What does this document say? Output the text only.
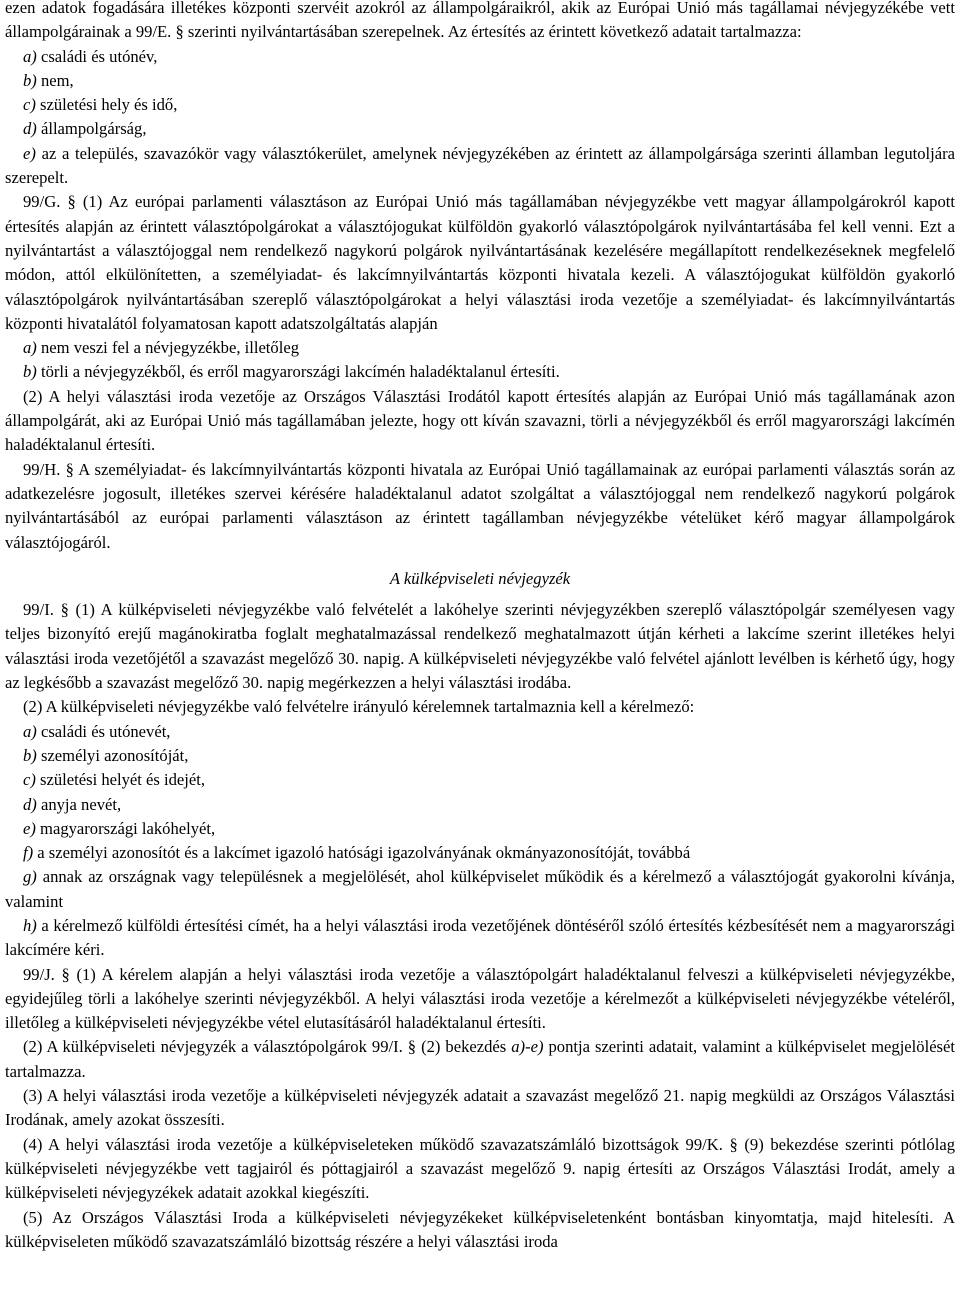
ezen adatok fogadására illetékes központi szervéit azokról az állampolgáraikról, akik az Európai Unió más tagállamai névjegyzékébe vett állampolgárainak a 99/E. § szerinti nyilvántartásában szerepelnek. Az értesítés az érintett következő adatait tartalmazza:

a) családi és utónév,

b) nem,

c) születési hely és idő,

d) állampolgárság,

e) az a település, szavazókör vagy választókerület, amelynek névjegyzékében az érintett az állampolgársága szerinti államban legutoljára szerepelt.

99/G. § (1) Az európai parlamenti választáson az Európai Unió más tagállamában névjegyzékbe vett magyar állampolgárokról kapott értesítés alapján az érintett választópolgárokat a választójogukat külföldön gyakorló választópolgárok nyilvántartásába fel kell venni. Ezt a nyilvántartást a választójoggal nem rendelkező nagykorú polgárok nyilvántartásának kezelésére megállapított rendelkezéseknek megfelelő módon, attól elkülönítetten, a személyiadat- és lakcímnyilvántartás központi hivatala kezeli. A választójogukat külföldön gyakorló választópolgárok nyilvántartásában szereplő választópolgárokat a helyi választási iroda vezetője a személyiadat- és lakcímnyilvántartás központi hivatalától folyamatosan kapott adatszolgáltatás alapján

a) nem veszi fel a névjegyzékbe, illetőleg

b) törli a névjegyzékből, és erről magyarországi lakcímén haladéktalanul értesíti.

(2) A helyi választási iroda vezetője az Országos Választási Irodától kapott értesítés alapján az Európai Unió más tagállamának azon állampolgárát, aki az Európai Unió más tagállamában jelezte, hogy ott kíván szavazni, törli a névjegyzékből és erről magyarországi lakcímén haladéktalanul értesíti.

99/H. § A személyiadat- és lakcímnyilvántartás központi hivatala az Európai Unió tagállamainak az európai parlamenti választás során az adatkezelésre jogosult, illetékes szervei kérésére haladéktalanul adatot szolgáltat a választójoggal nem rendelkező nagykorú polgárok nyilvántartásából az európai parlamenti választáson az érintett tagállamban névjegyzékbe vételüket kérő magyar állampolgárok választójogáról.

A külképviseleti névjegyzék

99/I. § (1) A külképviseleti névjegyzékbe való felvételét a lakóhelye szerinti névjegyzékben szereplő választópolgár személyesen vagy teljes bizonyító erejű magánokiratba foglalt meghatalmazással rendelkező meghatalmazott útján kérheti a lakcíme szerint illetékes helyi választási iroda vezetőjétől a szavazást megelőző 30. napig. A külképviseleti névjegyzékbe való felvétel ajánlott levélben is kérhető úgy, hogy az legkésőbb a szavazást megelőző 30. napig megérkezzen a helyi választási irodába.

(2) A külképviseleti névjegyzékbe való felvételre irányuló kérelemnek tartalmaznia kell a kérelmező:

a) családi és utónevét,

b) személyi azonosítóját,

c) születési helyét és idejét,

d) anyja nevét,

e) magyarországi lakóhelyét,

f) a személyi azonosítót és a lakcímet igazoló hatósági igazolványának okmányazonosítóját, továbbá

g) annak az országnak vagy településnek a megjelölését, ahol külképviselet működik és a kérelmező a választójogát gyakorolni kívánja, valamint

h) a kérelmező külföldi értesítési címét, ha a helyi választási iroda vezetőjének döntéséről szóló értesítés kézbesítését nem a magyarországi lakcímére kéri.

99/J. § (1) A kérelem alapján a helyi választási iroda vezetője a választópolgárt haladéktalanul felveszi a külképviseleti névjegyzékbe, egyidejűleg törli a lakóhelye szerinti névjegyzékből. A helyi választási iroda vezetője a kérelmezőt a külképviseleti névjegyzékbe vételéről, illetőleg a külképviseleti névjegyzékbe vétel elutasításáról haladéktalanul értesíti.

(2) A külképviseleti névjegyzék a választópolgárok 99/I. § (2) bekezdés a)-e) pontja szerinti adatait, valamint a külképviselet megjelölését tartalmazza.

(3) A helyi választási iroda vezetője a külképviseleti névjegyzék adatait a szavazást megelőző 21. napig megküldi az Országos Választási Irodának, amely azokat összesíti.

(4) A helyi választási iroda vezetője a külképviseleteken működő szavazatszámláló bizottságok 99/K. § (9) bekezdése szerinti pótlólag külképviseleti névjegyzékbe vett tagjairól és póttagjairól a szavazást megelőző 9. napig értesíti az Országos Választási Irodát, amely a külképviseleti névjegyzékek adatait azokkal kiegészíti.

(5) Az Országos Választási Iroda a külképviseleti névjegyzékeket külképviseletenként bontásban kinyomtatja, majd hitelesíti. A külképviseleten működő szavazatszámláló bizottság részére a helyi választási iroda
